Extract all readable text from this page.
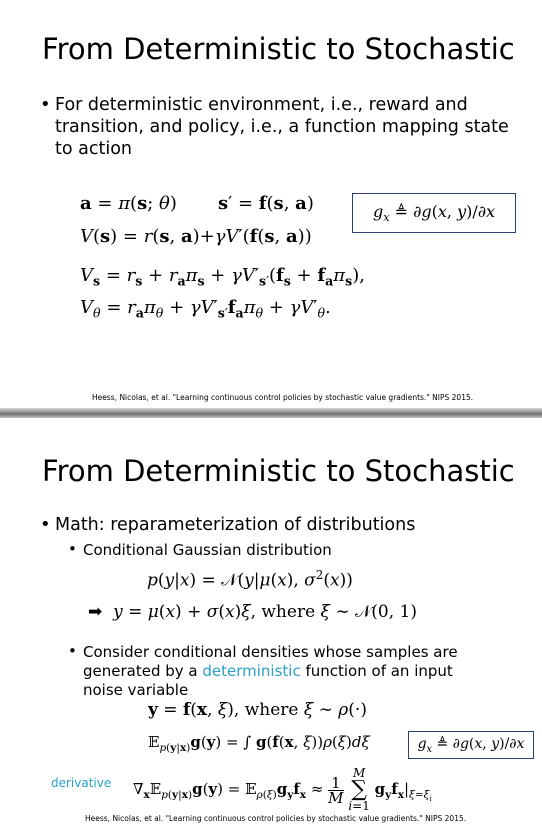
From Deterministic to Stochastic
• For deterministic environment, i.e., reward and transition, and policy, i.e., a function mapping state to action
a = π(s; θ) s′ = f(s, a)
V(s) = r(s, a)+γV′(f(s, a))
$V_s = r_s + r_a\pi_s + \gamma V'_{s'}(f_s + f_a\pi_s)$,
$V_\theta = r_a\pi_\theta + \gamma V'_{s'}f_a\pi_\theta + \gamma V'_\theta$.
$g_x$ ≜ ∂g(x, y)/∂x
Heess, Nicolas, et al. "Learning continuous control policies by stochastic value gradients." NIPS 2015.
From Deterministic to Stochastic
• Math: reparameterization of distributions
• Conditional Gaussian distribution
p(y|x) = 𝒩(y|μ(x), $\sigma^2(x)$)
➡ y = μ(x) + σ(x)ξ, where ξ ∼ 𝒩(0, 1)
• Consider conditional densities whose samples are generated by a deterministic function of an input noise variable
y = f(x, ξ), where ξ ∼ ρ(·)
𝔼$_{p(y|x)}$g(y) = ∫ g(f(x, ξ))ρ(ξ)dξ	$g_x$ ≜ ∂g(x, y)/∂x
derivative $\nabla_x𝔼_{p(y|x)}g(y)$ = $𝔼_{\rho(\xi)}g_yf_x \approx \frac{1}{M}$

M
∑
i=1
$g_yf_x|_{\xi=\xi_i}$
Heess, Nicolas, et al. "Learning continuous control policies by stochastic value gradients." NIPS 2015.
